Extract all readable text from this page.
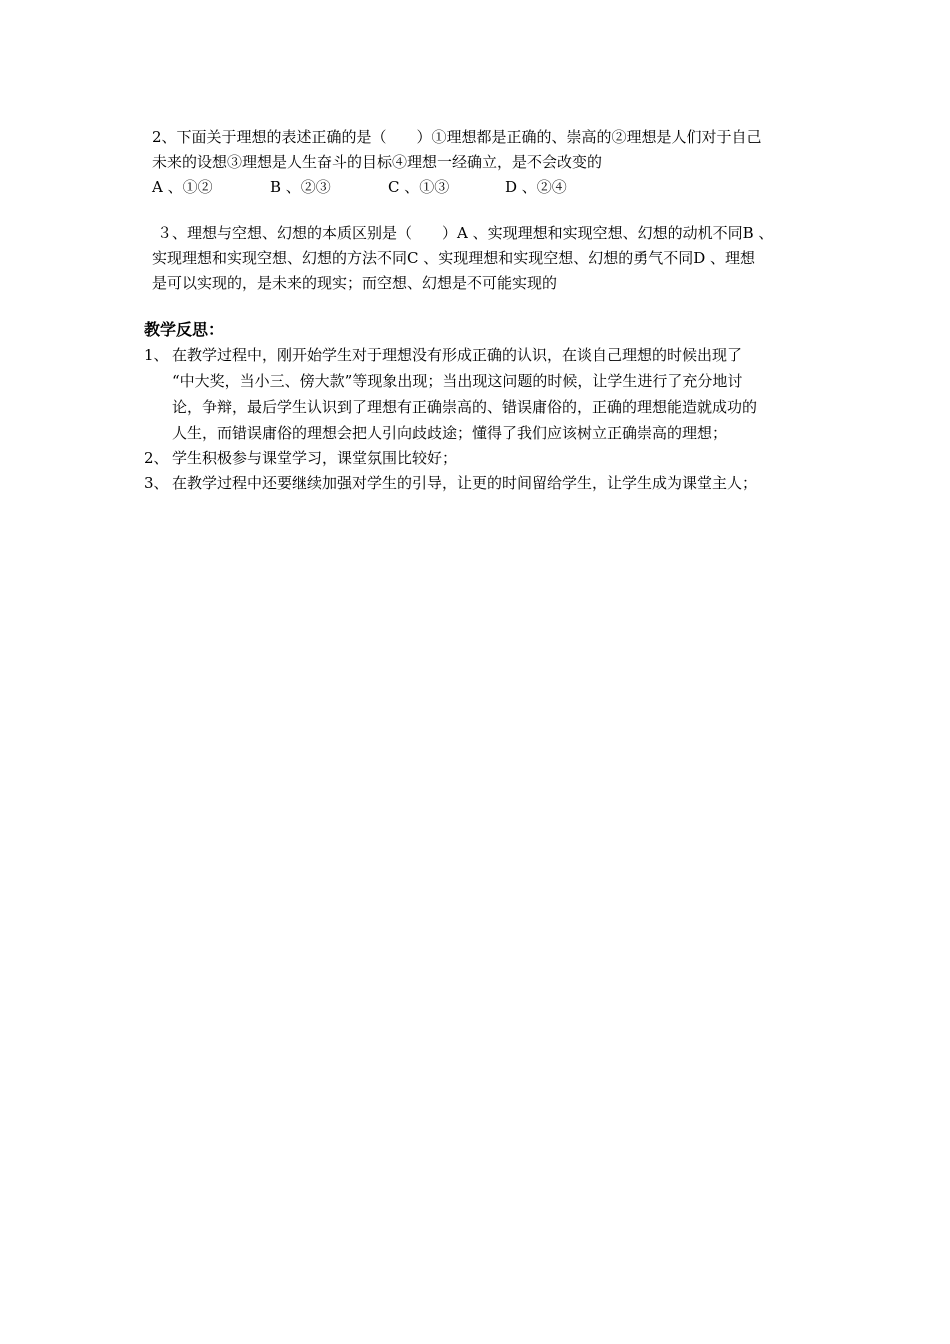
2、下面关于理想的表述正确的是（　　）①理想都是正确的、崇高的②理想是人们对于自己
未来的设想③理想是人生奋斗的目标④理想一经确立，是不会改变的

A 、①②

	B 、②③

	C 、①③

	D 、②④

３、理想与空想、幻想的本质区别是（　　）A 、实现理想和实现空想、幻想的动机不同B 、
实现理想和实现空想、幻想的方法不同C 、实现理想和实现空想、幻想的勇气不同D 、理想
是可以实现的，是未来的现实；而空想、幻想是不可能实现的
教学反思：
1、 在教学过程中，刚开始学生对于理想没有形成正确的认识，在谈自己理想的时候出现了
“中大奖，当小三、傍大款”等现象出现；当出现这问题的时候，让学生进行了充分地讨
论，争辩，最后学生认识到了理想有正确崇高的、错误庸俗的，正确的理想能造就成功的
人生，而错误庸俗的理想会把人引向歧歧途；懂得了我们应该树立正确崇高的理想；
2、 学生积极参与课堂学习，课堂氛围比较好；
3、 在教学过程中还要继续加强对学生的引导，让更的时间留给学生，让学生成为课堂主人；
